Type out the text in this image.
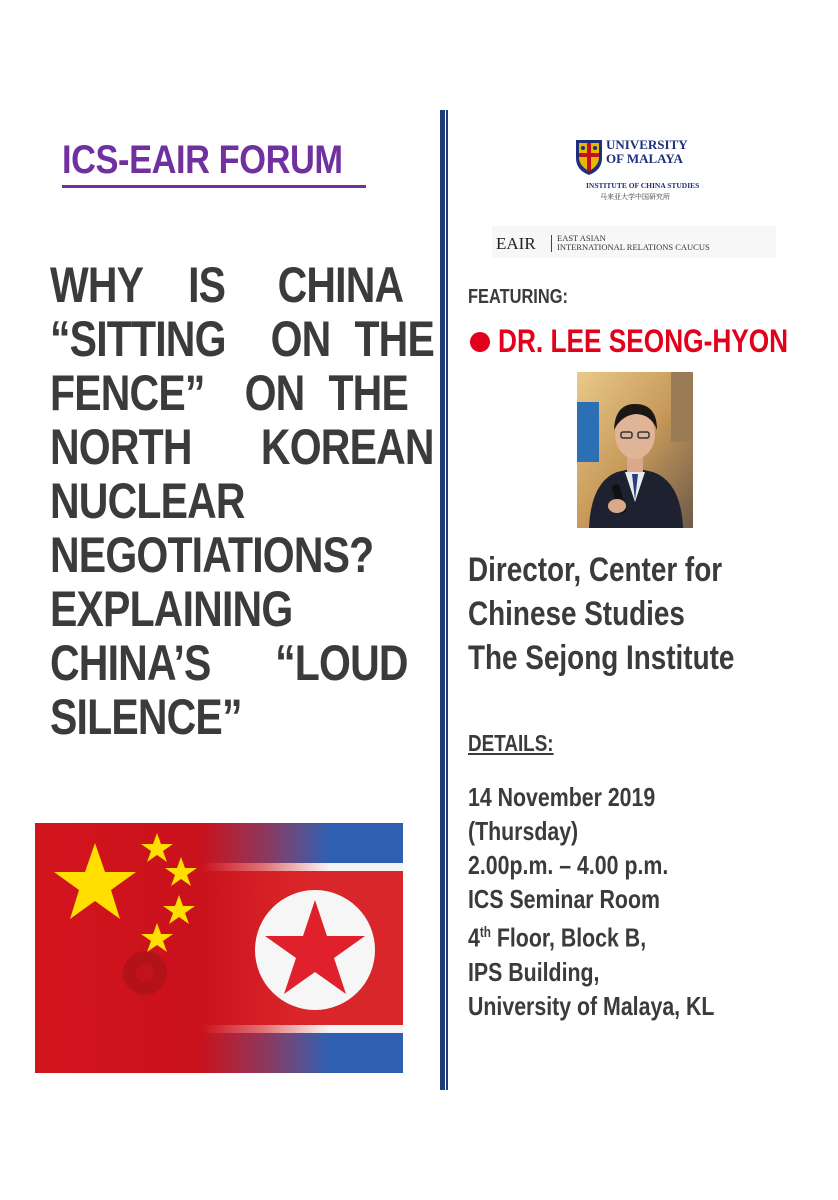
ICS-EAIR FORUM
WHY IS CHINA
“SITTING ON THE
FENCE” ON THE
NORTH KOREAN
NUCLEAR
NEGOTIATIONS?
EXPLAINING
CHINA’S “LOUD
SILENCE”
UNIVERSITY
OF MALAYA
INSTITUTE OF CHINA STUDIES
马来亚大学中国研究所
EAIR	EAST ASIAN
INTERNATIONAL RELATIONS CAUCUS
FEATURING:
DR. LEE SEONG-HYON
Director, Center for
Chinese Studies
The Sejong Institute
DETAILS:
14 November 2019
(Thursday)
2.00p.m. – 4.00 p.m.
ICS Seminar Room
4th Floor, Block B,
IPS Building,
University of Malaya, KL
